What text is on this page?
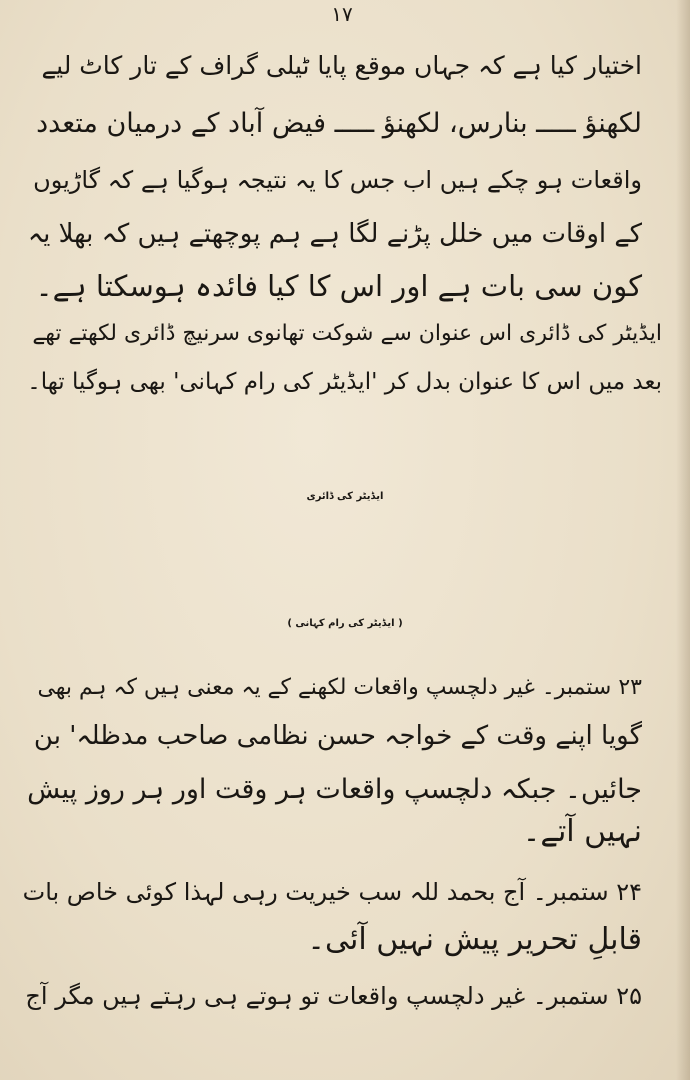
۱۷
اختیار کیا ہے کہ جہاں موقع پایا ٹیلی گراف کے تار کاٹ لیے
لکھنؤ ـــــ بنارس، لکھنؤ ـــــ فیض آباد کے درمیان متعدد
واقعات ہو چکے ہیں اب جس کا یہ نتیجہ ہوگیا ہے کہ گاڑیوں
کے اوقات میں خلل پڑنے لگا ہے ہم پوچھتے ہیں کہ بھلا یہ
کون سی بات ہے اور اس کا کیا فائدہ ہوسکتا ہے۔
ایڈیٹر کی ڈائری اس عنوان سے شوکت تھانوی سرنیچ ڈائری لکھتے تھے
بعد میں اس کا عنوان بدل کر 'ایڈیٹر کی رام کہانی' بھی ہوگیا تھا۔
ایڈیٹر کی ڈائری
( ایڈیٹر کی رام کہانی )
۲۳ ستمبر۔ غیر دلچسپ واقعات لکھنے کے یہ معنی ہیں کہ ہم بھی
گویا اپنے وقت کے خواجہ حسن نظامی صاحب مدظلہ' بن
جائیں۔ جبکہ دلچسپ واقعات ہر وقت اور ہر روز پیش
نہیں آتے۔
۲۴ ستمبر۔ آج بحمد للہ سب خیریت رہی لہذا کوئی خاص بات
قابلِ تحریر پیش نہیں آئی۔
۲۵ ستمبر۔ غیر دلچسپ واقعات تو ہوتے ہی رہتے ہیں مگر آج
